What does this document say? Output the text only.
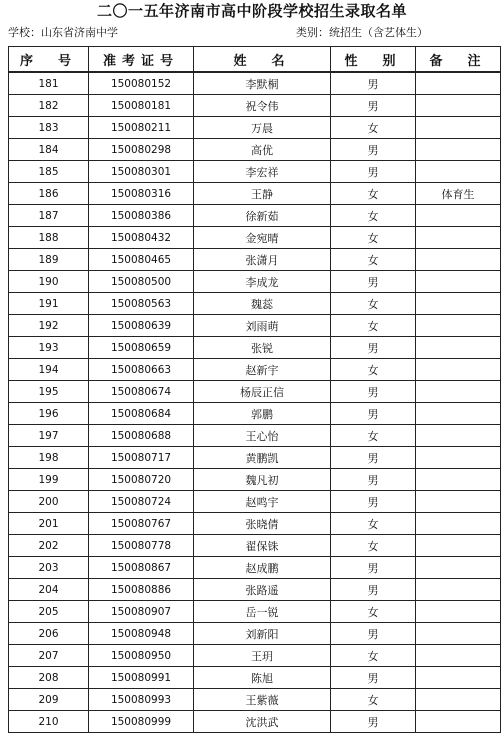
二〇一五年济南市高中阶段学校招生录取名单
学校：山东省济南中学	类别：统招生（含艺体生）
序　号	准考证号	姓　名	性　别	备　注
181	150080152	李默桐	男	
182	150080181	祝令伟	男	
183	150080211	万晨	女	
184	150080298	高优	男	
185	150080301	李宏祥	男	
186	150080316	王静	女	体育生
187	150080386	徐新茹	女	
188	150080432	金宛晴	女	
189	150080465	张潇月	女	
190	150080500	李成龙	男	
191	150080563	魏蕊	女	
192	150080639	刘雨萌	女	
193	150080659	张锐	男	
194	150080663	赵新宇	女	
195	150080674	杨辰正信	男	
196	150080684	郭鹏	男	
197	150080688	王心怡	女	
198	150080717	黄鹏凯	男	
199	150080720	魏凡初	男	
200	150080724	赵鸣宇	男	
201	150080767	张晓倩	女	
202	150080778	翟保铢	女	
203	150080867	赵成鹏	男	
204	150080886	张路遥	男	
205	150080907	岳一锐	女	
206	150080948	刘新阳	男	
207	150080950	王玥	女	
208	150080991	陈旭	男	
209	150080993	王紫薇	女	
210	150080999	沈洪武	男	
